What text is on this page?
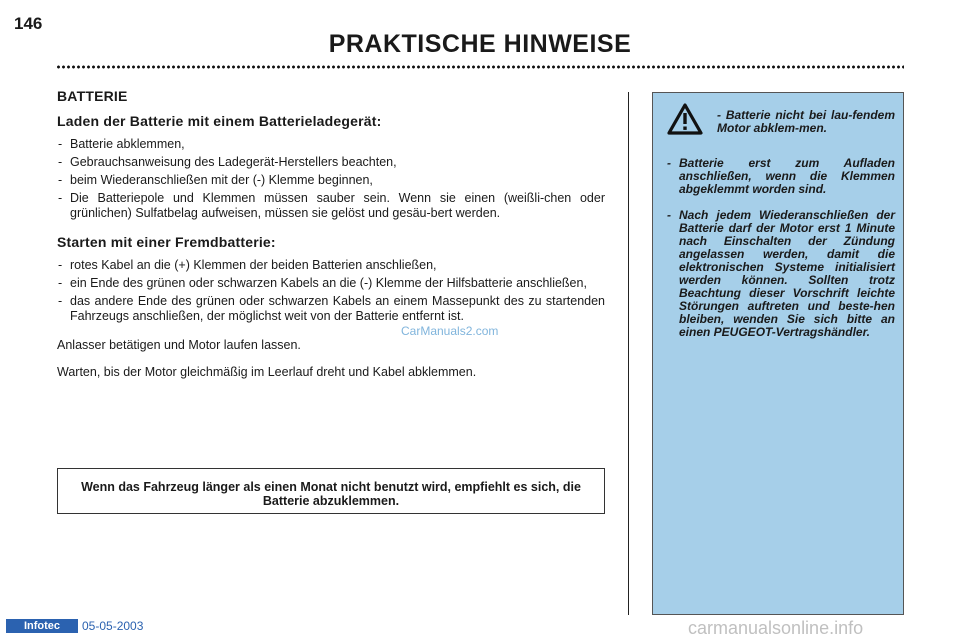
146
PRAKTISCHE HINWEISE
BATTERIE
Laden der Batterie mit einem Batterieladegerät:
- Batterie abklemmen,
- Gebrauchsanweisung des Ladegerät-Herstellers beachten,
- beim Wiederanschließen mit der (-) Klemme beginnen,
- Die Batteriepole und Klemmen müssen sauber sein. Wenn sie einen (weißli-chen oder grünlichen) Sulfatbelag aufweisen, müssen sie gelöst und gesäu-bert werden.
Starten mit einer Fremdbatterie:
- rotes Kabel an die (+) Klemmen der beiden Batterien anschließen,
- ein Ende des grünen oder schwarzen Kabels an die (-) Klemme der Hilfsbatterie anschließen,
- das andere Ende des grünen oder schwarzen Kabels an einem Massepunkt des zu startenden Fahrzeugs anschließen, der möglichst weit von der Batterie entfernt ist.

Anlasser betätigen und Motor laufen lassen.

Warten, bis der Motor gleichmäßig im Leerlauf dreht und Kabel abklemmen.

Wenn das Fahrzeug länger als einen Monat nicht benutzt wird, empfiehlt es sich, die Batterie abzuklemmen.
- Batterie nicht bei lau-fendem Motor abklem-men.
- Batterie erst zum Aufladen anschließen, wenn die Klemmen abgeklemmt worden sind.
- Nach jedem Wiederanschließen der Batterie darf der Motor erst 1 Minute nach Einschalten der Zündung angelassen werden, damit die elektronischen Systeme initialisiert werden können. Sollten trotz Beachtung dieser Vorschrift leichte Störungen auftreten und beste-hen bleiben, wenden Sie sich bitte an einen PEUGEOT-Vertragshändler.
Infotec	05-05-2003
CarManuals2.com
carmanualsonline.info
